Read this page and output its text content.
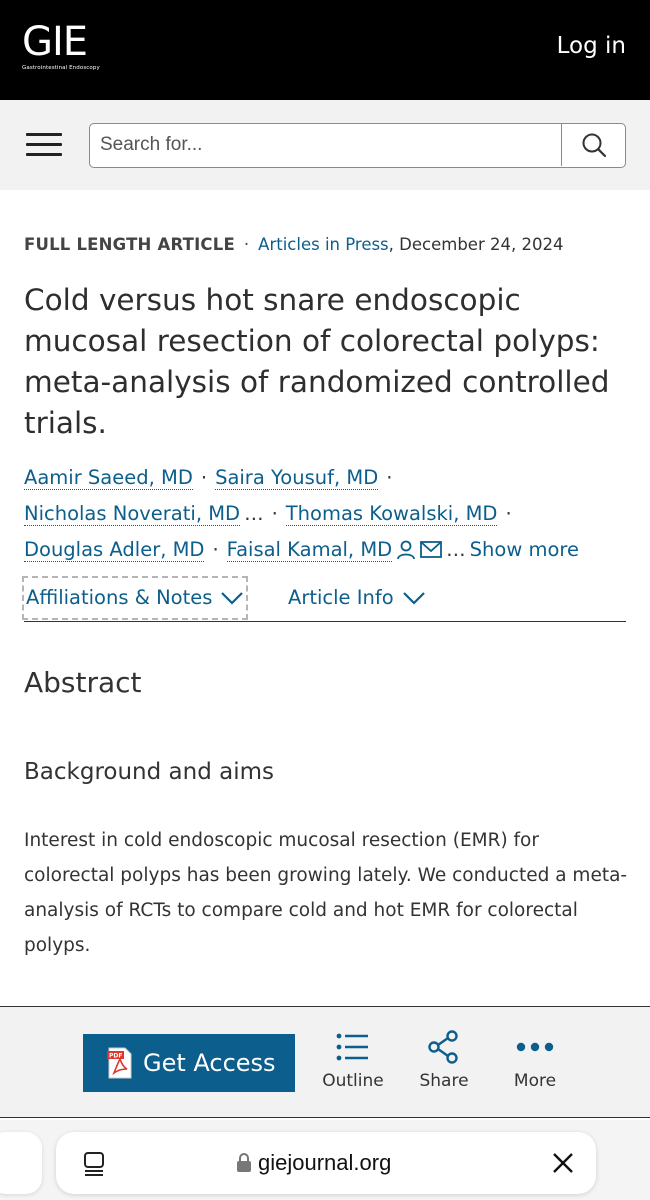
GIE
Gastrointestinal Endoscopy
Log in
Search for...
FULL LENGTH ARTICLE · Articles in Press, December 24, 2024
Cold versus hot snare endoscopic mucosal resection of colorectal polyps: meta-analysis of randomized controlled trials.
Aamir Saeed, MD · Saira Yousuf, MD ·
Nicholas Noverati, MD … · Thomas Kowalski, MD ·
Douglas Adler, MD · Faisal Kamal, MD	… Show more
Affiliations & Notes	Article Info
Abstract
Background and aims

Interest in cold endoscopic mucosal resection (EMR) for colorectal polyps has been growing lately. We conducted a meta-analysis of RCTs to compare cold and hot EMR for colorectal polyps.

PDF Get Access
Outline	Share	More
giejournal.org
